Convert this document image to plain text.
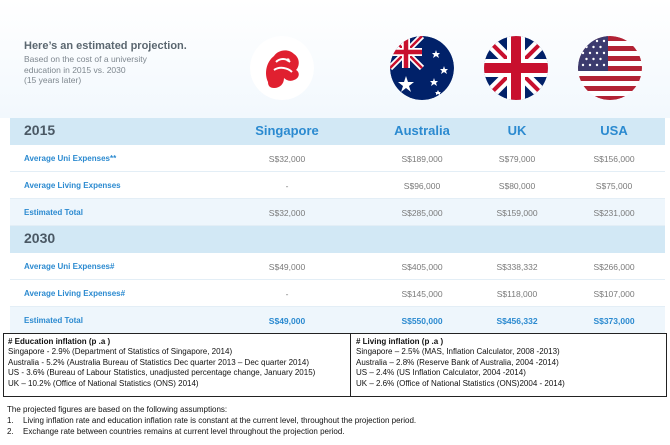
Here’s an estimated projection.
Based on the cost of a university
education in 2015 vs. 2030
(15 years later)
2015	Singapore	Australia	UK	USA
Average Uni Expenses**	S$32,000	S$189,000	S$79,000	S$156,000
Average Living Expenses	-	S$96,000	S$80,000	S$75,000
Estimated Total	S$32,000	S$285,000	S$159,000	S$231,000
2030
Average Uni Expenses#	S$49,000	S$405,000	S$338,332	S$266,000
Average Living Expenses#	-	S$145,000	S$118,000	S$107,000
Estimated Total	S$49,000	S$550,000	S$456,332	S$373,000
# Education inflation (p .a )
Singapore - 2.9% (Department of Statistics of Singapore, 2014)
Australia - 5.2% (Australia Bureau of Statistics Dec quarter 2013 – Dec quarter 2014)
US - 3.6% (Bureau of Labour Statistics, unadjusted percentage change, January 2015)
UK – 10.2% (Office of National Statistics (ONS) 2014)
# Living inflation (p .a )
Singapore – 2.5% (MAS, Inflation Calculator, 2008 -2013)
Australia – 2.8% (Reserve Bank of Australia, 2004 -2014)
US – 2.4% (US Inflation Calculator, 2004 -2014)
UK – 2.6% (Office of National Statistics (ONS)2004 - 2014)
The projected figures are based on the following assumptions:
1.	Living inflation rate and education inflation rate is constant at the current level, throughout the projection period.
2.	Exchange rate between countries remains at current level throughout the projection period.
